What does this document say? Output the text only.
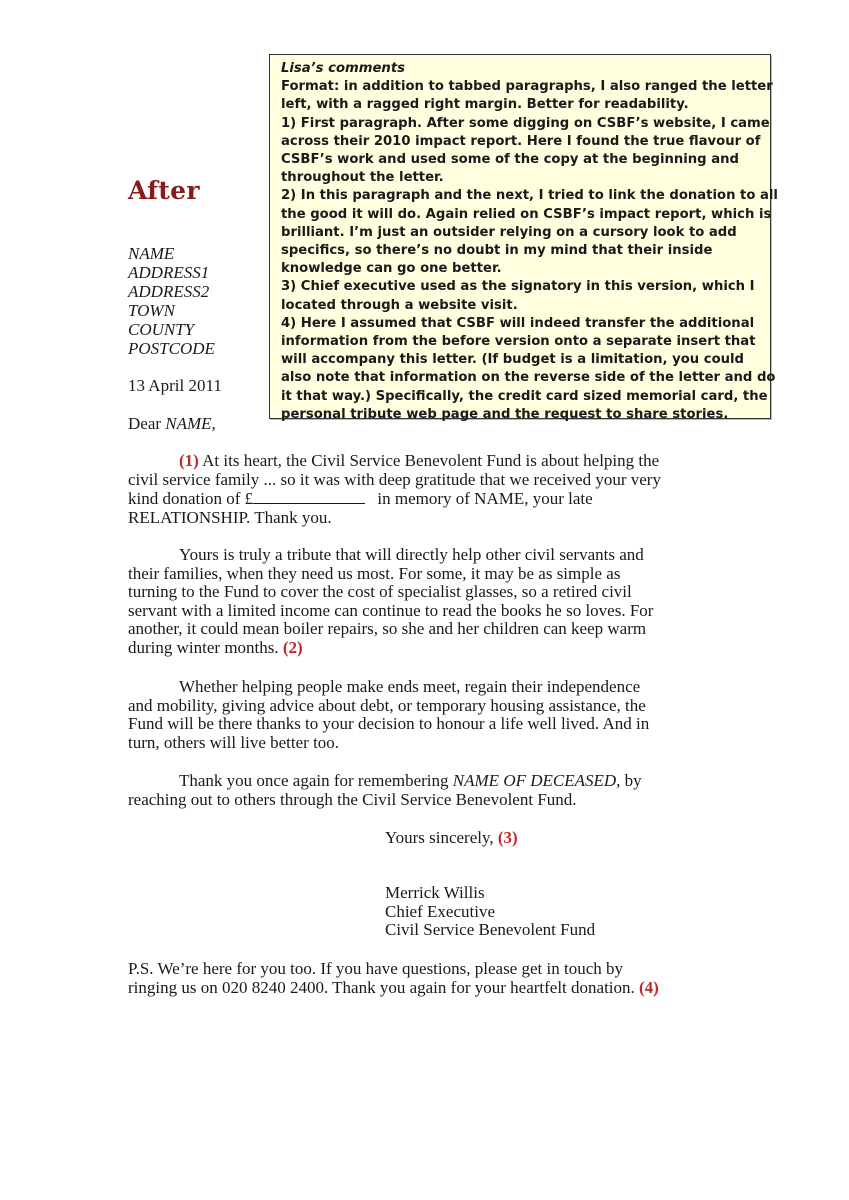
After
NAME
ADDRESS1
ADDRESS2
TOWN
COUNTY
POSTCODE
13 April 2011
Dear NAME,
Lisa’s comments
Format: in addition to tabbed paragraphs, I also ranged the letter
left, with a ragged right margin. Better for readability.
1) First paragraph. After some digging on CSBF’s website, I came
across their 2010 impact report. Here I found the true flavour of
CSBF’s work and used some of the copy at the beginning and
throughout the letter.
2) In this paragraph and the next, I tried to link the donation to all
the good it will do. Again relied on CSBF’s impact report, which is
brilliant. I’m just an outsider relying on a cursory look to add
specifics, so there’s no doubt in my mind that their inside
knowledge can go one better.
3) Chief executive used as the signatory in this version, which I
located through a website visit.
4) Here I assumed that CSBF will indeed transfer the additional
information from the before version onto a separate insert that
will accompany this letter. (If budget is a limitation, you could
also note that information on the reverse side of the letter and do
it that way.) Specifically, the credit card sized memorial card, the
personal tribute web page and the request to share stories.
(1) At its heart, the Civil Service Benevolent Fund is about helping the
civil service family ... so it was with deep gratitude that we received your very
kind donation of £	in memory of NAME, your late
RELATIONSHIP. Thank you.
Yours is truly a tribute that will directly help other civil servants and
their families, when they need us most. For some, it may be as simple as
turning to the Fund to cover the cost of specialist glasses, so a retired civil
servant with a limited income can continue to read the books he so loves. For
another, it could mean boiler repairs, so she and her children can keep warm
during winter months. (2)
Whether helping people make ends meet, regain their independence
and mobility, giving advice about debt, or temporary housing assistance, the
Fund will be there thanks to your decision to honour a life well lived. And in
turn, others will live better too.
Thank you once again for remembering NAME OF DECEASED, by
reaching out to others through the Civil Service Benevolent Fund.
Yours sincerely, (3)
Merrick Willis
Chief Executive
Civil Service Benevolent Fund
P.S. We’re here for you too. If you have questions, please get in touch by
ringing us on 020 8240 2400. Thank you again for your heartfelt donation. (4)
